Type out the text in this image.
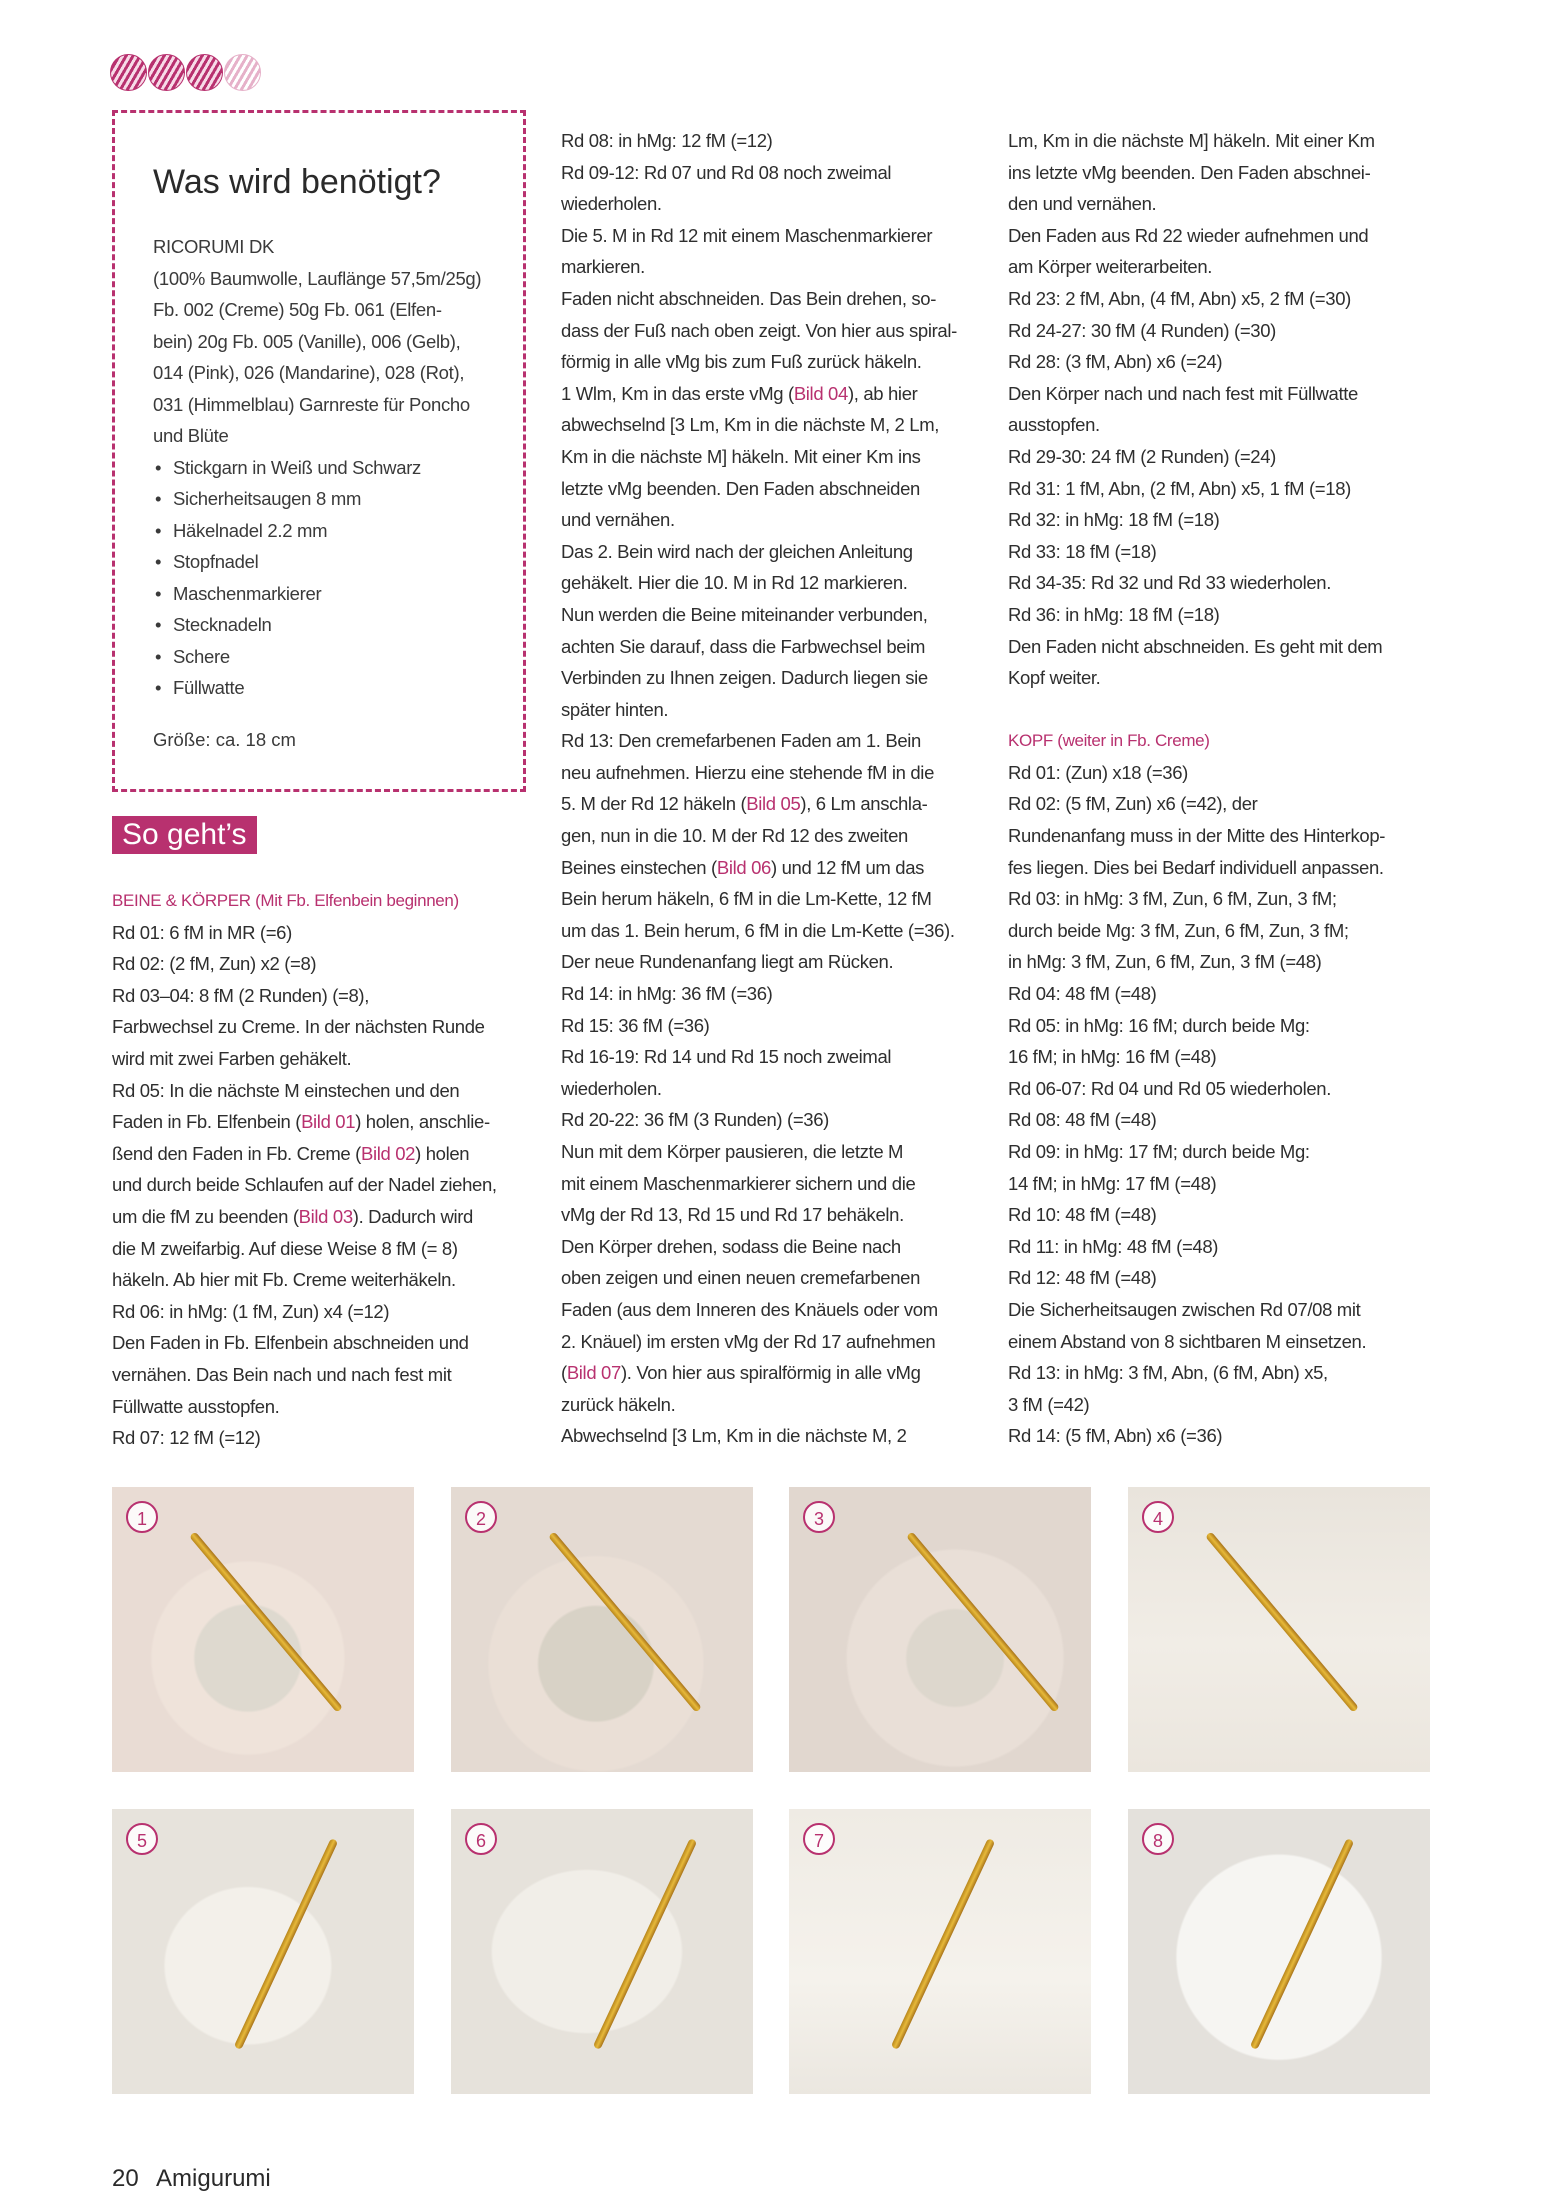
Was wird benötigt?
RICORUMI DK
(100% Baumwolle, Lauflänge 57,5m/25g)
Fb. 002 (Creme) 50g Fb. 061 (Elfen-
bein) 20g Fb. 005 (Vanille), 006 (Gelb),
014 (Pink), 026 (Mandarine), 028 (Rot),
031 (Himmelblau) Garnreste für Poncho
und Blüte
• Stickgarn in Weiß und Schwarz
• Sicherheitsaugen 8 mm
• Häkelnadel 2.2 mm
• Stopfnadel
• Maschenmarkierer
• Stecknadeln
• Schere
• Füllwatte
Größe: ca. 18 cm
So geht’s
BEINE & KÖRPER (Mit Fb. Elfenbein beginnen)
Rd 01: 6 fM in MR (=6)
Rd 02: (2 fM, Zun) x2 (=8)
Rd 03–04: 8 fM (2 Runden) (=8),
Farbwechsel zu Creme. In der nächsten Runde
wird mit zwei Farben gehäkelt.
Rd 05: In die nächste M einstechen und den
Faden in Fb. Elfenbein (Bild 01) holen, anschlie-
ßend den Faden in Fb. Creme (Bild 02) holen
und durch beide Schlaufen auf der Nadel ziehen,
um die fM zu beenden (Bild 03). Dadurch wird
die M zweifarbig. Auf diese Weise 8 fM (= 8)
häkeln. Ab hier mit Fb. Creme weiterhäkeln.
Rd 06: in hMg: (1 fM, Zun) x4 (=12)
Den Faden in Fb. Elfenbein abschneiden und
vernähen. Das Bein nach und nach fest mit
Füllwatte ausstopfen.
Rd 07: 12 fM (=12)
Rd 08: in hMg: 12 fM (=12)
Rd 09-12: Rd 07 und Rd 08 noch zweimal
wiederholen.
Die 5. M in Rd 12 mit einem Maschenmarkierer
markieren.
Faden nicht abschneiden. Das Bein drehen, so-
dass der Fuß nach oben zeigt. Von hier aus spiral-
förmig in alle vMg bis zum Fuß zurück häkeln.
1 Wlm, Km in das erste vMg (Bild 04), ab hier
abwechselnd [3 Lm, Km in die nächste M, 2 Lm,
Km in die nächste M] häkeln. Mit einer Km ins
letzte vMg beenden. Den Faden abschneiden
und vernähen.
Das 2. Bein wird nach der gleichen Anleitung
gehäkelt. Hier die 10. M in Rd 12 markieren.
Nun werden die Beine miteinander verbunden,
achten Sie darauf, dass die Farbwechsel beim
Verbinden zu Ihnen zeigen. Dadurch liegen sie
später hinten.
Rd 13: Den cremefarbenen Faden am 1. Bein
neu aufnehmen. Hierzu eine stehende fM in die
5. M der Rd 12 häkeln (Bild 05), 6 Lm anschla-
gen, nun in die 10. M der Rd 12 des zweiten
Beines einstechen (Bild 06) und 12 fM um das
Bein herum häkeln, 6 fM in die Lm-Kette, 12 fM
um das 1. Bein herum, 6 fM in die Lm-Kette (=36).
Der neue Rundenanfang liegt am Rücken.
Rd 14: in hMg: 36 fM (=36)
Rd 15: 36 fM (=36)
Rd 16-19: Rd 14 und Rd 15 noch zweimal
wiederholen.
Rd 20-22: 36 fM (3 Runden) (=36)
Nun mit dem Körper pausieren, die letzte M
mit einem Maschenmarkierer sichern und die
vMg der Rd 13, Rd 15 und Rd 17 behäkeln.
Den Körper drehen, sodass die Beine nach
oben zeigen und einen neuen cremefarbenen
Faden (aus dem Inneren des Knäuels oder vom
2. Knäuel) im ersten vMg der Rd 17 aufnehmen
(Bild 07). Von hier aus spiralförmig in alle vMg
zurück häkeln.
Abwechselnd [3 Lm, Km in die nächste M, 2
Lm, Km in die nächste M] häkeln. Mit einer Km
ins letzte vMg beenden. Den Faden abschnei-
den und vernähen.
Den Faden aus Rd 22 wieder aufnehmen und
am Körper weiterarbeiten.
Rd 23: 2 fM, Abn, (4 fM, Abn) x5, 2 fM (=30)
Rd 24-27: 30 fM (4 Runden) (=30)
Rd 28: (3 fM, Abn) x6 (=24)
Den Körper nach und nach fest mit Füllwatte
ausstopfen.
Rd 29-30: 24 fM (2 Runden) (=24)
Rd 31: 1 fM, Abn, (2 fM, Abn) x5, 1 fM (=18)
Rd 32: in hMg: 18 fM (=18)
Rd 33: 18 fM (=18)
Rd 34-35: Rd 32 und Rd 33 wiederholen.
Rd 36: in hMg: 18 fM (=18)
Den Faden nicht abschneiden. Es geht mit dem
Kopf weiter.
KOPF (weiter in Fb. Creme)
Rd 01: (Zun) x18 (=36)
Rd 02: (5 fM, Zun) x6 (=42), der
Rundenanfang muss in der Mitte des Hinterkop-
fes liegen. Dies bei Bedarf individuell anpassen.
Rd 03: in hMg: 3 fM, Zun, 6 fM, Zun, 3 fM;
durch beide Mg: 3 fM, Zun, 6 fM, Zun, 3 fM;
in hMg: 3 fM, Zun, 6 fM, Zun, 3 fM (=48)
Rd 04: 48 fM (=48)
Rd 05: in hMg: 16 fM; durch beide Mg:
16 fM; in hMg: 16 fM (=48)
Rd 06-07: Rd 04 und Rd 05 wiederholen.
Rd 08: 48 fM (=48)
Rd 09: in hMg: 17 fM; durch beide Mg:
14 fM; in hMg: 17 fM (=48)
Rd 10: 48 fM (=48)
Rd 11: in hMg: 48 fM (=48)
Rd 12: 48 fM (=48)
Die Sicherheitsaugen zwischen Rd 07/08 mit
einem Abstand von 8 sichtbaren M einsetzen.
Rd 13: in hMg: 3 fM, Abn, (6 fM, Abn) x5,
3 fM (=42)
Rd 14: (5 fM, Abn) x6 (=36)
1	2	3	4
5	6	7	8
20 Amigurumi
